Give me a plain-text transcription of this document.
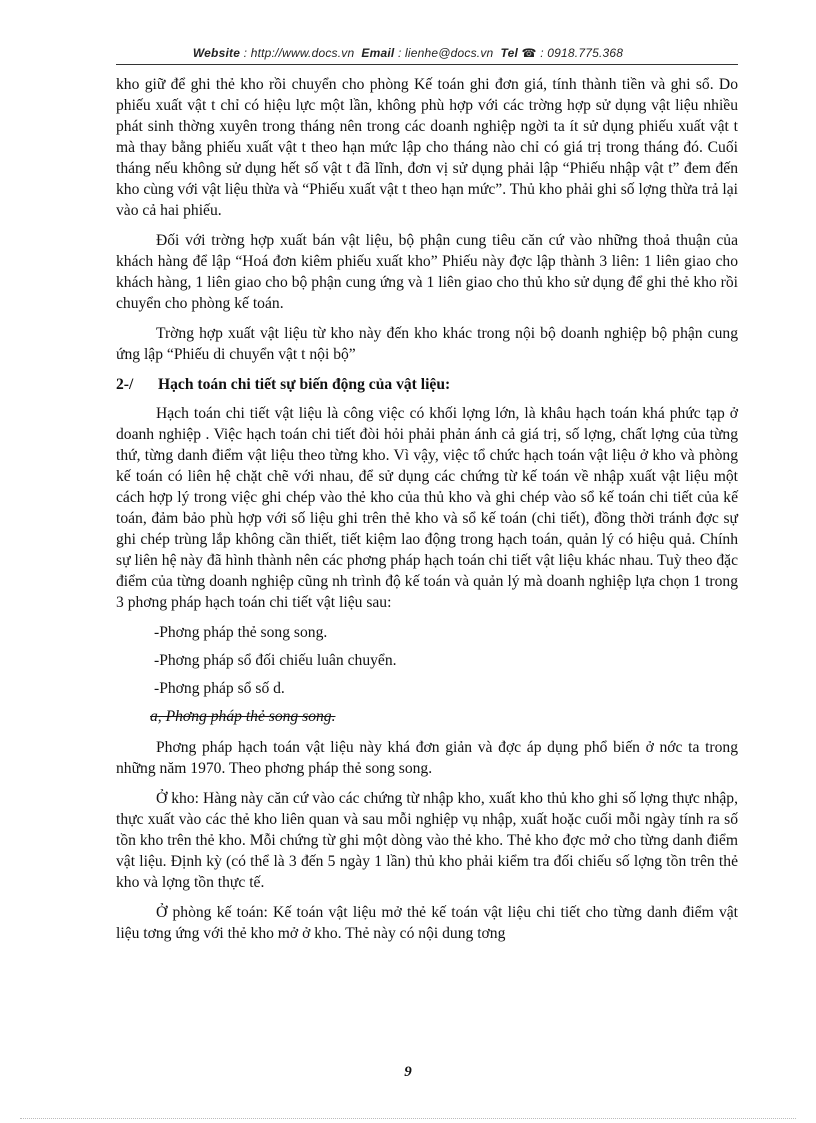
Website : http://www.docs.vn Email : lienhe@docs.vn Tel ☎ : 0918.775.368

kho giữ để ghi thẻ kho rồi chuyển cho phòng Kế toán ghi đơn giá, tính thành tiền và ghi sổ. Do phiếu xuất vật t chỉ có hiệu lực một lần, không phù hợp với các trờng hợp sử dụng vật liệu nhiều phát sinh thờng xuyên trong tháng nên trong các doanh nghiệp ngời ta ít sử dụng phiếu xuất vật t mà thay bằng phiếu xuất vật t theo hạn mức lập cho tháng nào chỉ có giá trị trong tháng đó. Cuối tháng nếu không sử dụng hết số vật t đã lĩnh, đơn vị sử dụng phải lập “Phiếu nhập vật t” đem đến kho cùng với vật liệu thừa và “Phiếu xuất vật t theo hạn mức”. Thủ kho phải ghi số lợng thừa trả lại vào cả hai phiếu.

Đối với trờng hợp xuất bán vật liệu, bộ phận cung tiêu căn cứ vào những thoả thuận của khách hàng để lập “Hoá đơn kiêm phiếu xuất kho” Phiếu này đợc lập thành 3 liên: 1 liên giao cho khách hàng, 1 liên giao cho bộ phận cung ứng và 1 liên giao cho thủ kho sử dụng để ghi thẻ kho rồi chuyển cho phòng kế toán.

Trờng hợp xuất vật liệu từ kho này đến kho khác trong nội bộ doanh nghiệp bộ phận cung ứng lập “Phiếu di chuyển vật t nội bộ”

2-/ Hạch toán chi tiết sự biến động của vật liệu:

Hạch toán chi tiết vật liệu là công việc có khối lợng lớn, là khâu hạch toán khá phức tạp ở doanh nghiệp . Việc hạch toán chi tiết đòi hỏi phải phản ánh cả giá trị, số lợng, chất lợng của từng thứ, từng danh điểm vật liệu theo từng kho. Vì vậy, việc tổ chức hạch toán vật liệu ở kho và phòng kế toán có liên hệ chặt chẽ với nhau, để sử dụng các chứng từ kế toán về nhập xuất vật liệu một cách hợp lý trong việc ghi chép vào thẻ kho của thủ kho và ghi chép vào sổ kế toán chi tiết của kế toán, đảm bảo phù hợp với số liệu ghi trên thẻ kho và sổ kế toán (chi tiết), đồng thời tránh đợc sự ghi chép trùng lắp không cần thiết, tiết kiệm lao động trong hạch toán, quản lý có hiệu quả. Chính sự liên hệ này đã hình thành nên các phơng pháp hạch toán chi tiết vật liệu khác nhau. Tuỳ theo đặc điểm của từng doanh nghiệp cũng nh trình độ kế toán và quản lý mà doanh nghiệp lựa chọn 1 trong 3 phơng pháp hạch toán chi tiết vật liệu sau:

-Phơng pháp thẻ song song.
-Phơng pháp sổ đối chiếu luân chuyển.
-Phơng pháp sổ số d.
a, Phơng pháp thẻ song song.

Phơng pháp hạch toán vật liệu này khá đơn giản và đợc áp dụng phổ biến ở nớc ta trong những năm 1970. Theo phơng pháp thẻ song song.

Ở kho: Hàng này căn cứ vào các chứng từ nhập kho, xuất kho thủ kho ghi số lợng thực nhập, thực xuất vào các thẻ kho liên quan và sau mỗi nghiệp vụ nhập, xuất hoặc cuối mỗi ngày tính ra số tồn kho trên thẻ kho. Mỗi chứng từ ghi một dòng vào thẻ kho. Thẻ kho đợc mở cho từng danh điểm vật liệu. Định kỳ (có thể là 3 đến 5 ngày 1 lần) thủ kho phải kiểm tra đối chiếu số lợng tồn trên thẻ kho và lợng tồn thực tế.

Ở phòng kế toán: Kế toán vật liệu mở thẻ kế toán vật liệu chi tiết cho từng danh điểm vật liệu tơng ứng với thẻ kho mở ở kho. Thẻ này có nội dung tơng

9
